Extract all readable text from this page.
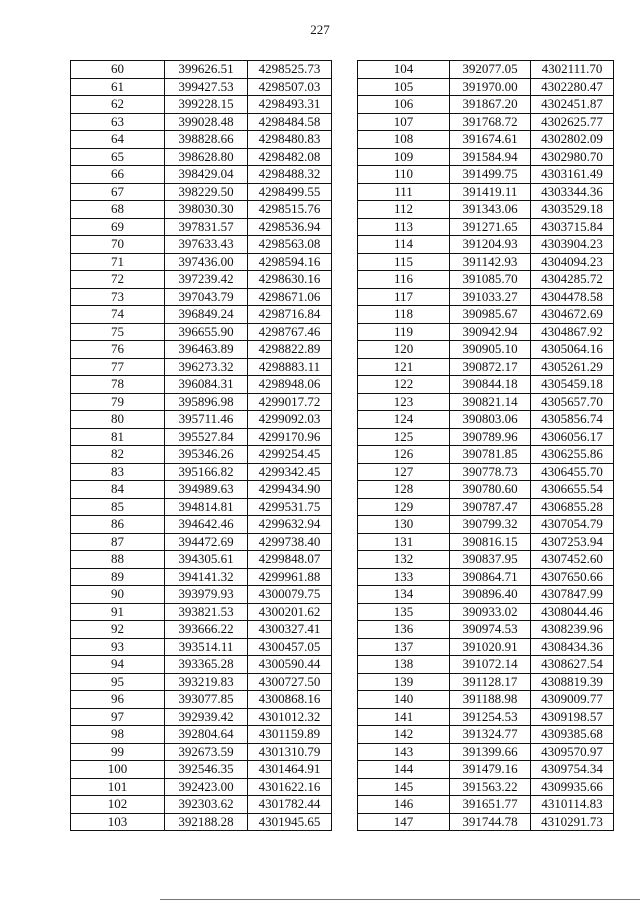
227
60	399626.51	4298525.73
61	399427.53	4298507.03
62	399228.15	4298493.31
63	399028.48	4298484.58
64	398828.66	4298480.83
65	398628.80	4298482.08
66	398429.04	4298488.32
67	398229.50	4298499.55
68	398030.30	4298515.76
69	397831.57	4298536.94
70	397633.43	4298563.08
71	397436.00	4298594.16
72	397239.42	4298630.16
73	397043.79	4298671.06
74	396849.24	4298716.84
75	396655.90	4298767.46
76	396463.89	4298822.89
77	396273.32	4298883.11
78	396084.31	4298948.06
79	395896.98	4299017.72
80	395711.46	4299092.03
81	395527.84	4299170.96
82	395346.26	4299254.45
83	395166.82	4299342.45
84	394989.63	4299434.90
85	394814.81	4299531.75
86	394642.46	4299632.94
87	394472.69	4299738.40
88	394305.61	4299848.07
89	394141.32	4299961.88
90	393979.93	4300079.75
91	393821.53	4300201.62
92	393666.22	4300327.41
93	393514.11	4300457.05
94	393365.28	4300590.44
95	393219.83	4300727.50
96	393077.85	4300868.16
97	392939.42	4301012.32
98	392804.64	4301159.89
99	392673.59	4301310.79
100	392546.35	4301464.91
101	392423.00	4301622.16
102	392303.62	4301782.44
103	392188.28	4301945.65
104	392077.05	4302111.70
105	391970.00	4302280.47
106	391867.20	4302451.87
107	391768.72	4302625.77
108	391674.61	4302802.09
109	391584.94	4302980.70
110	391499.75	4303161.49
111	391419.11	4303344.36
112	391343.06	4303529.18
113	391271.65	4303715.84
114	391204.93	4303904.23
115	391142.93	4304094.23
116	391085.70	4304285.72
117	391033.27	4304478.58
118	390985.67	4304672.69
119	390942.94	4304867.92
120	390905.10	4305064.16
121	390872.17	4305261.29
122	390844.18	4305459.18
123	390821.14	4305657.70
124	390803.06	4305856.74
125	390789.96	4306056.17
126	390781.85	4306255.86
127	390778.73	4306455.70
128	390780.60	4306655.54
129	390787.47	4306855.28
130	390799.32	4307054.79
131	390816.15	4307253.94
132	390837.95	4307452.60
133	390864.71	4307650.66
134	390896.40	4307847.99
135	390933.02	4308044.46
136	390974.53	4308239.96
137	391020.91	4308434.36
138	391072.14	4308627.54
139	391128.17	4308819.39
140	391188.98	4309009.77
141	391254.53	4309198.57
142	391324.77	4309385.68
143	391399.66	4309570.97
144	391479.16	4309754.34
145	391563.22	4309935.66
146	391651.77	4310114.83
147	391744.78	4310291.73
